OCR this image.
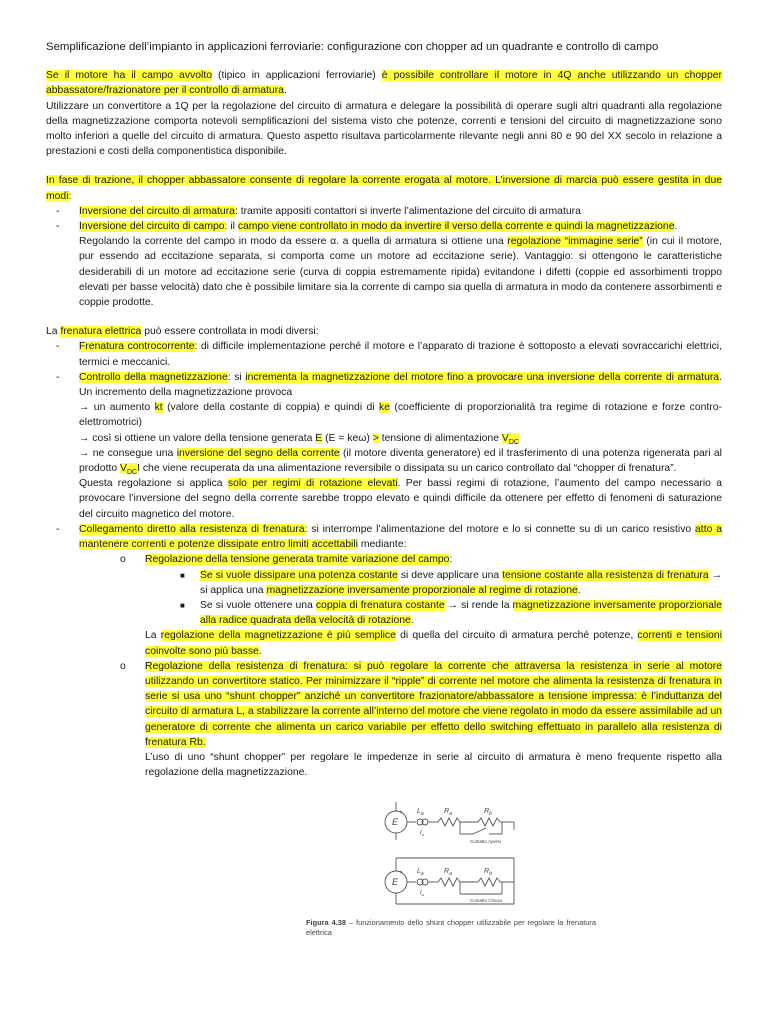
Semplificazione dell’impianto in applicazioni ferroviarie: configurazione con chopper ad un quadrante e controllo di campo

Se il motore ha il campo avvolto (tipico in applicazioni ferroviarie) è possibile controllare il motore in 4Q anche utilizzando un chopper abbassatore/frazionatore per il controllo di armatura.

Utilizzare un convertitore a 1Q per la regolazione del circuito di armatura e delegare la possibilità di operare sugli altri quadranti alla regolazione della magnetizzazione comporta notevoli semplificazioni del sistema visto che potenze, correnti e tensioni del circuito di magnetizzazione sono molto inferiori a quelle del circuito di armatura. Questo aspetto risultava particolarmente rilevante negli anni 80 e 90 del XX secolo in relazione a prestazioni e costi della componentistica disponibile.

In fase di trazione, il chopper abbassatore consente di regolare la corrente erogata al motore. L’inversione di marcia può essere gestita in due modi:

- Inversione del circuito di armatura: tramite appositi contattori si inverte l’alimentazione del circuito di armatura
- Inversione del circuito di campo: il campo viene controllato in modo da invertire il verso della corrente e quindi la magnetizzazione.
Regolando la corrente del campo in modo da essere α. a quella di armatura si ottiene una regolazione “immagine serie” (in cui il motore, pur essendo ad eccitazione separata, si comporta come un motore ad eccitazione serie). Vantaggio: si ottengono le caratteristiche desiderabili di un motore ad eccitazione serie (curva di coppia estremamente ripida) evitandone i difetti (coppie ed assorbimenti troppo elevati per basse velocità) dato che è possibile limitare sia la corrente di campo sia quella di armatura in modo da contenere assorbimenti e coppie prodotte.

La frenatura elettrica può essere controllata in modi diversi:

- Frenatura controcorrente: di difficile implementazione perché il motore e l’apparato di trazione è sottoposto a elevati sovraccarichi elettrici, termici e meccanici.
- Controllo della magnetizzazione: si incrementa la magnetizzazione del motore fino a provocare una inversione della corrente di armatura. Un incremento della magnetizzazione provoca
→ un aumento kt (valore della costante di coppia) e quindi di ke (coefficiente di proporzionalità tra regime di rotazione e forze contro-elettromotrici)
→ così si ottiene un valore della tensione generata E (E = keω) > tensione di alimentazione $V_{DC}$
→ ne consegue una inversione del segno della corrente (il motore diventa generatore) ed il trasferimento di una potenza rigenerata pari al prodotto $V_{DC}I$ che viene recuperata da una alimentazione reversibile o dissipata su un carico controllato dal “chopper di frenatura”.
Questa regolazione si applica solo per regimi di rotazione elevati. Per bassi regimi di rotazione, l’aumento del campo necessario a provocare l’inversione del segno della corrente sarebbe troppo elevato e quindi difficile da ottenere per effetto di fenomeni di saturazione del circuito magnetico del motore.
- Collegamento diretto alla resistenza di frenatura: si interrompe l’alimentazione del motore e lo si connette su di un carico resistivo atto a mantenere correnti e potenze dissipate entro limiti accettabili mediante:
o Regolazione della tensione generata tramite variazione del campo:
■ Se si vuole dissipare una potenza costante si deve applicare una tensione costante alla resistenza di frenatura → si applica una magnetizzazione inversamente proporzionale al regime di rotazione.
■ Se si vuole ottenere una coppia di frenatura costante → si rende la magnetizzazione inversamente proporzionale alla radice quadrata della velocità di rotazione.
La regolazione della magnetizzazione è più semplice di quella del circuito di armatura perché potenze, correnti e tensioni coinvolte sono più basse.
o Regolazione della resistenza di frenatura: si può regolare la corrente che attraversa la resistenza in serie al motore utilizzando un convertitore statico. Per minimizzare il “ripple” di corrente nel motore che alimenta la resistenza di frenatura in serie si usa uno “shunt chopper” anziché un convertitore frazionatore/abbassatore a tensione impressa: è l’induttanza del circuito di armatura L, a stabilizzare la corrente all’interno del motore che viene regolato in modo da essere assimilabile ad un generatore di corrente che alimenta un carico variabile per effetto dello switching effettuato in parallelo alla resistenza di frenatura Rb.
L’uso di uno “shunt chopper” per regolare le impedenze in serie al circuito di armatura è meno frequente rispetto alla regolazione della magnetizzazione.
E
+ $L_a$	$R_a$	$R_b$
$I_a$
Contatto Aperto
E
+ $L_a$	$R_a$	$R_b$
$I_a$
Contatto Chiuso
Figura 4.38 – funzionamento dello shunt chopper utilizzabile per regolare la frenatura elettrica
